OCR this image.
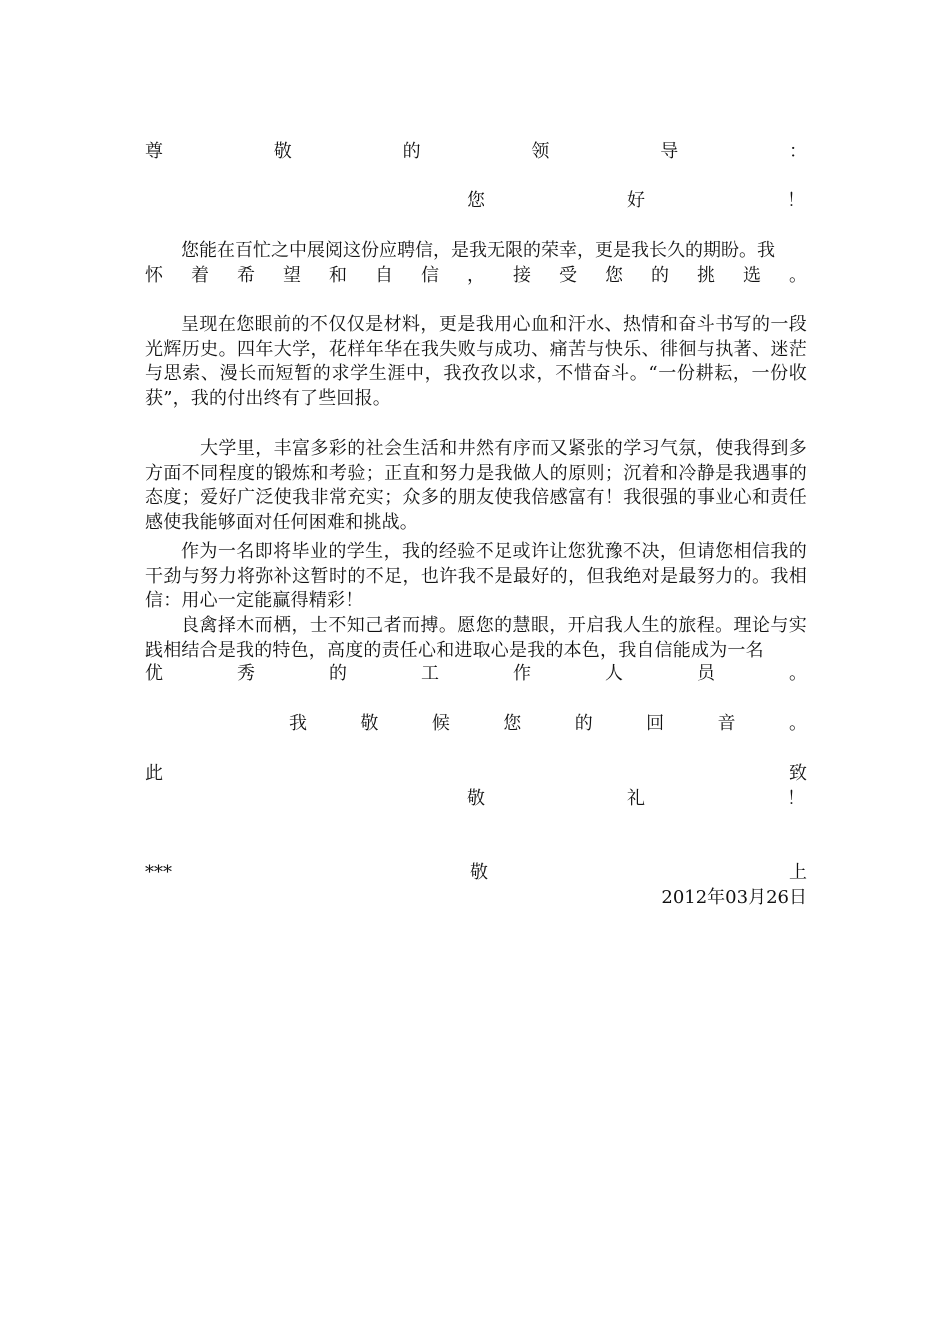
尊	敬	的	领	导	：
您	好	！
您能在百忙之中展阅这份应聘信，是我无限的荣幸，更是我长久的期盼。我
怀 着 希 望 和 自 信 ， 接 受 您 的 挑 选 。
呈现在您眼前的不仅仅是材料，更是我用心血和汗水、热情和奋斗书写的一段光辉历史。四年大学，花样年华在我失败与成功、痛苦与快乐、徘徊与执著、迷茫与思索、漫长而短暂的求学生涯中，我孜孜以求，不惜奋斗。“一份耕耘，一份收获”，我的付出终有了些回报。
大学里，丰富多彩的社会生活和井然有序而又紧张的学习气氛，使我得到多方面不同程度的锻炼和考验；正直和努力是我做人的原则；沉着和冷静是我遇事的态度；爱好广泛使我非常充实；众多的朋友使我倍感富有！我很强的事业心和责任感使我能够面对任何困难和挑战。
作为一名即将毕业的学生，我的经验不足或许让您犹豫不决，但请您相信我的干劲与努力将弥补这暂时的不足，也许我不是最好的，但我绝对是最努力的。我相信：用心一定能赢得精彩！
良禽择木而栖，士不知己者而搏。愿您的慧眼，开启我人生的旅程。理论与实践相结合是我的特色，高度的责任心和进取心是我的本色，我自信能成为一名
优	秀	的	工	作	人	员	。
我	敬	候	您	的	回	音	。
此	致
敬	礼	！
***	敬	上
2012年03月26日
